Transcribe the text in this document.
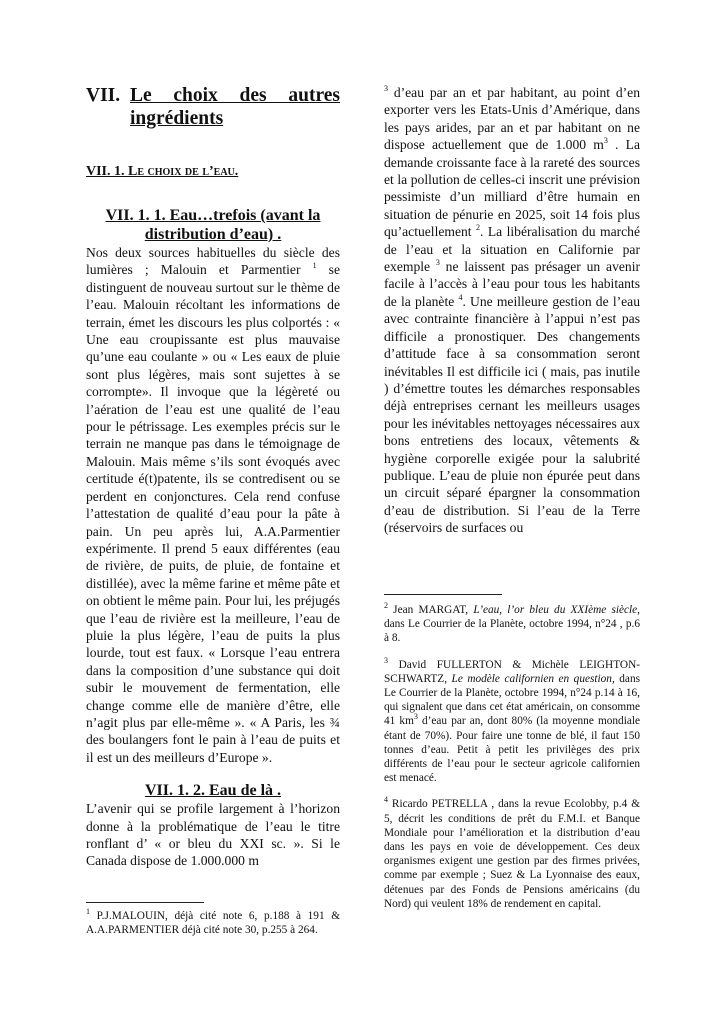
VII. Le choix des autres ingrédients
VII. 1. Le choix de l’eau.
VII. 1. 1. Eau…trefois (avant la distribution d’eau) .

Nos deux sources habituelles du siècle des lumières ; Malouin et Parmentier $^1$ se distinguent de nouveau surtout sur le thème de l’eau. Malouin récoltant les informations de terrain, émet les discours les plus colportés : « Une eau croupissante est plus mauvaise qu’une eau coulante » ou « Les eaux de pluie sont plus légères, mais sont sujettes à se corrompte». Il invoque que la légèreté ou l’aération de l’eau est une qualité de l’eau pour le pétrissage. Les exemples précis sur le terrain ne manque pas dans le témoignage de Malouin. Mais même s’ils sont évoqués avec certitude é(t)patente, ils se contredisent ou se perdent en conjonctures. Cela rend confuse l’attestation de qualité d’eau pour la pâte à pain. Un peu après lui, A.A.Parmentier expérimente. Il prend 5 eaux différentes (eau de rivière, de puits, de pluie, de fontaine et distillée), avec la même farine et même pâte et on obtient le même pain. Pour lui, les préjugés que l’eau de rivière est la meilleure, l’eau de pluie la plus légère, l’eau de puits la plus lourde, tout est faux. « Lorsque l’eau entrera dans la composition d’une substance qui doit subir le mouvement de fermentation, elle change comme elle de manière d’être, elle n’agit plus par elle-même ». « A Paris, les ¾ des boulangers font le pain à l’eau de puits et il est un des meilleurs d’Europe ».

VII. 1. 2. Eau de là .

L’avenir qui se profile largement à l’horizon donne à la problématique de l’eau le titre ronflant d’ « or bleu du XXI sc. ». Si le Canada dispose de 1.000.000 m

$^3$ d’eau par an et par habitant, au point d’en exporter vers les Etats-Unis d’Amérique, dans les pays arides, par an et par habitant on ne dispose actuellement que de 1.000 $m^3$ . La demande croissante face à la rareté des sources et la pollution de celles-ci inscrit une prévision pessimiste d’un milliard d’être humain en situation de pénurie en 2025, soit 14 fois plus qu’actuellement $^2$. La libéralisation du marché de l’eau et la situation en Californie par exemple $^3$ ne laissent pas présager un avenir facile à l’accès à l’eau pour tous les habitants de la planète $^4$. Une meilleure gestion de l’eau avec contrainte financière à l’appui n’est pas difficile a pronostiquer. Des changements d’attitude face à sa consommation seront inévitables Il est difficile ici ( mais, pas inutile ) d’émettre toutes les démarches responsables déjà entreprises cernant les meilleurs usages pour les inévitables nettoyages nécessaires aux bons entretiens des locaux, vêtements & hygiène corporelle exigée pour la salubrité publique. L’eau de pluie non épurée peut dans un circuit séparé épargner la consommation d’eau de distribution. Si l’eau de la Terre (réservoirs de surfaces ou

$^2$ Jean MARGAT, L’eau, l’or bleu du XXIème siècle, dans Le Courrier de la Planète, octobre 1994, n°24 , p.6 à 8.

$^3$ David FULLERTON & Michèle LEIGHTON-SCHWARTZ, Le modèle californien en question, dans Le Courrier de la Planète, octobre 1994, n°24 p.14 à 16, qui signalent que dans cet état américain, on consomme 41 $km^3$ d’eau par an, dont 80% (la moyenne mondiale étant de 70%). Pour faire une tonne de blé, il faut 150 tonnes d’eau. Petit à petit les privilèges des prix différents de l’eau pour le secteur agricole californien est menacé.

$^4$ Ricardo PETRELLA , dans la revue Ecolobby, p.4 & 5, décrit les conditions de prêt du F.M.I. et Banque Mondiale pour l’amélioration et la distribution d’eau dans les pays en voie de développement. Ces deux organismes exigent une gestion par des firmes privées, comme par exemple ; Suez & La Lyonnaise des eaux, détenues par des Fonds de Pensions américains (du Nord) qui veulent 18% de rendement en capital.

$^1$ P.J.MALOUIN, déjà cité note 6, p.188 à 191 & A.A.PARMENTIER déjà cité note 30, p.255 à 264.
